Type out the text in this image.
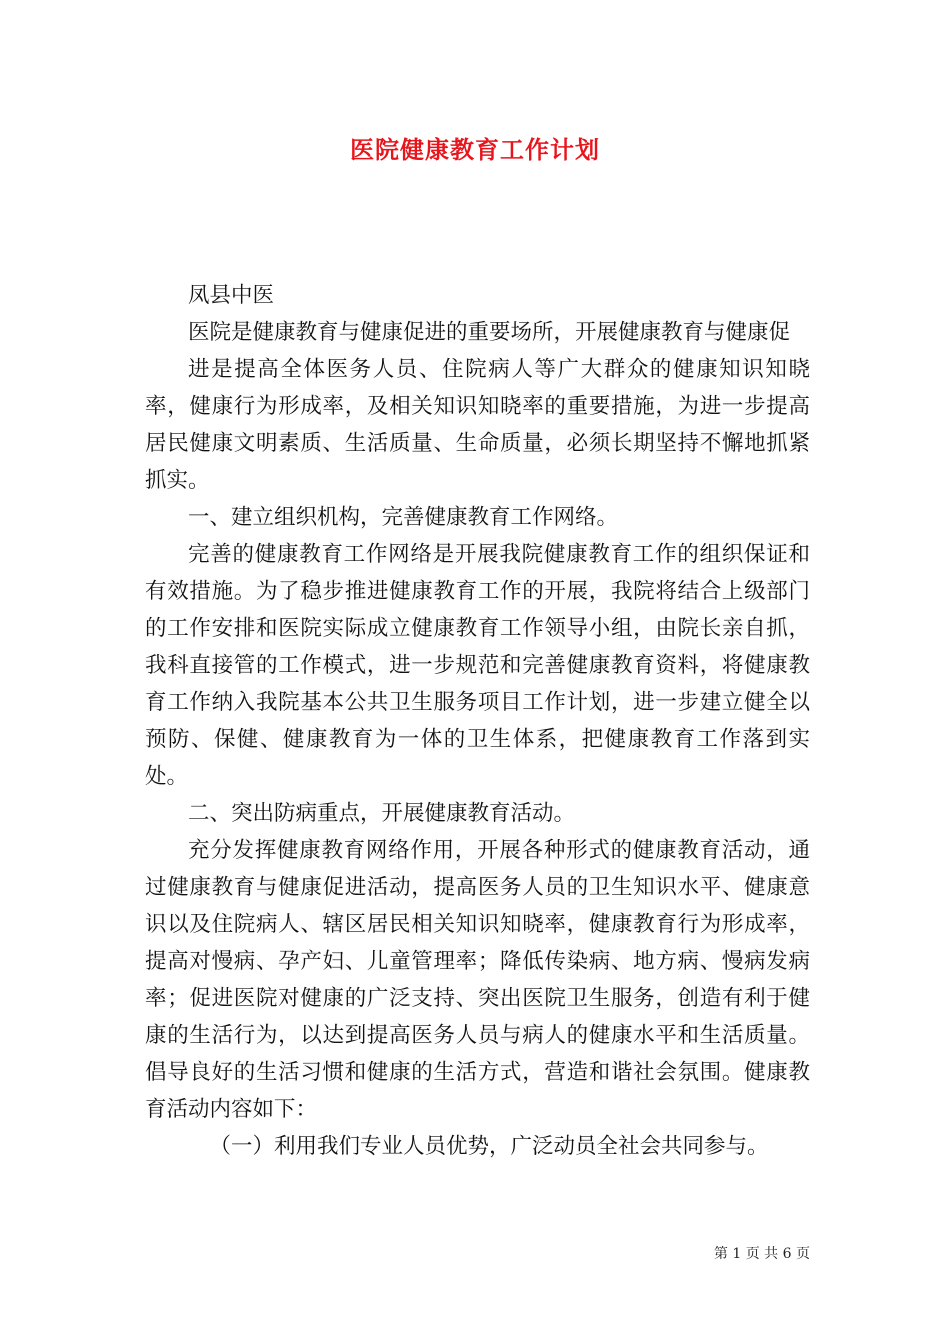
医院健康教育工作计划

凤县中医

医院是健康教育与健康促进的重要场所，开展健康教育与健康促

进是提高全体医务人员、住院病人等广大群众的健康知识知晓率，健康行为形成率，及相关知识知晓率的重要措施，为进一步提高居民健康文明素质、生活质量、生命质量，必须长期坚持不懈地抓紧抓实。

一、建立组织机构，完善健康教育工作网络。

完善的健康教育工作网络是开展我院健康教育工作的组织保证和有效措施。为了稳步推进健康教育工作的开展，我院将结合上级部门的工作安排和医院实际成立健康教育工作领导小组，由院长亲自抓，我科直接管的工作模式，进一步规范和完善健康教育资料，将健康教育工作纳入我院基本公共卫生服务项目工作计划，进一步建立健全以预防、保健、健康教育为一体的卫生体系，把健康教育工作落到实处。

二、突出防病重点，开展健康教育活动。

充分发挥健康教育网络作用，开展各种形式的健康教育活动，通过健康教育与健康促进活动，提高医务人员的卫生知识水平、健康意识以及住院病人、辖区居民相关知识知晓率，健康教育行为形成率，提高对慢病、孕产妇、儿童管理率；降低传染病、地方病、慢病发病率；促进医院对健康的广泛支持、突出医院卫生服务，创造有利于健康的生活行为，以达到提高医务人员与病人的健康水平和生活质量。倡导良好的生活习惯和健康的生活方式，营造和谐社会氛围。健康教育活动内容如下：

（一）利用我们专业人员优势，广泛动员全社会共同参与。

第 1 页 共 6 页
